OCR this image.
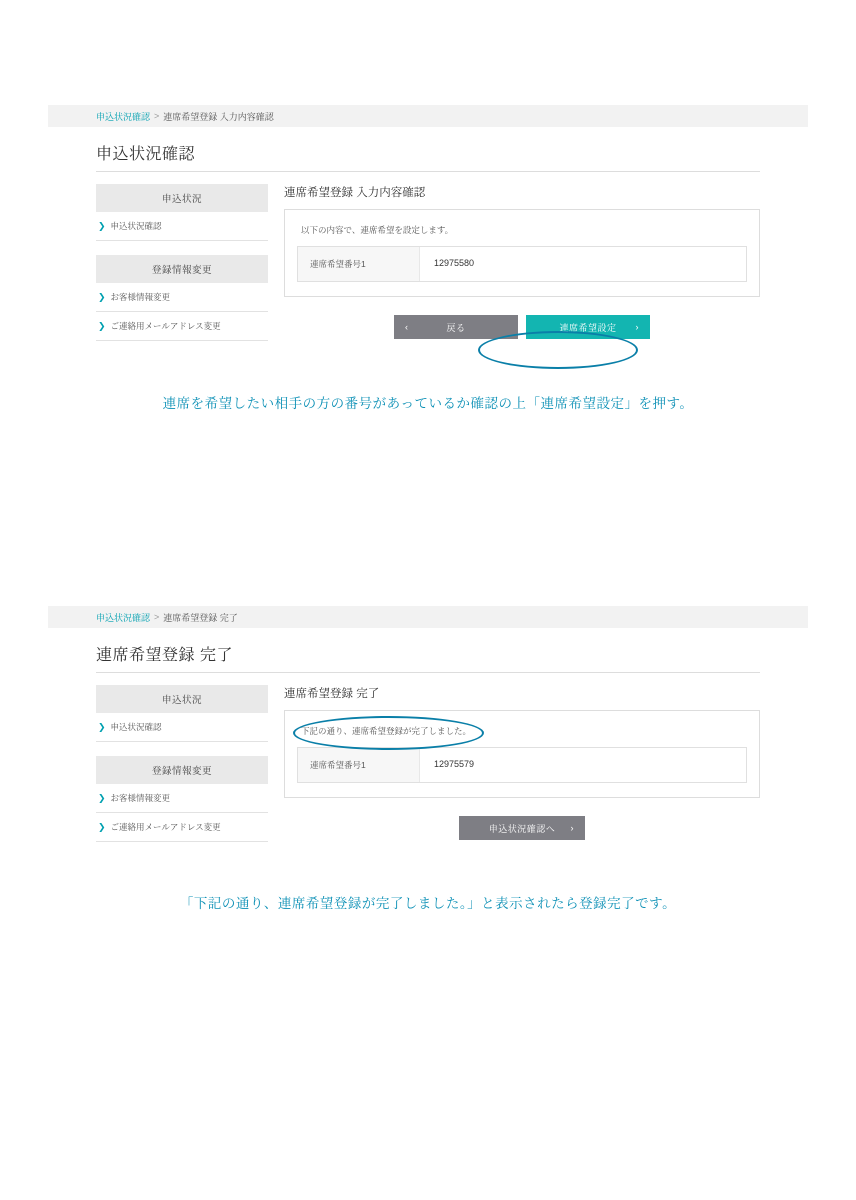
申込状況確認 > 連席希望登録 入力内容確認
申込状況確認
申込状況
❯ 申込状況確認
登録情報変更
❯ お客様情報変更
❯ ご連絡用メールアドレス変更
連席希望登録 入力内容確認
以下の内容で、連席希望を設定します。
連席希望番号1	12975580
‹	戻る	連席希望設定 ›
連席を希望したい相手の方の番号があっているか確認の上「連席希望設定」を押す。
申込状況確認 > 連席希望登録 完了
連席希望登録 完了
申込状況
❯ 申込状況確認
登録情報変更
❯ お客様情報変更
❯ ご連絡用メールアドレス変更
連席希望登録 完了
下記の通り、連席希望登録が完了しました。
連席希望番号1	12975579
申込状況確認へ ›
「下記の通り、連席希望登録が完了しました。」と表示されたら登録完了です。
